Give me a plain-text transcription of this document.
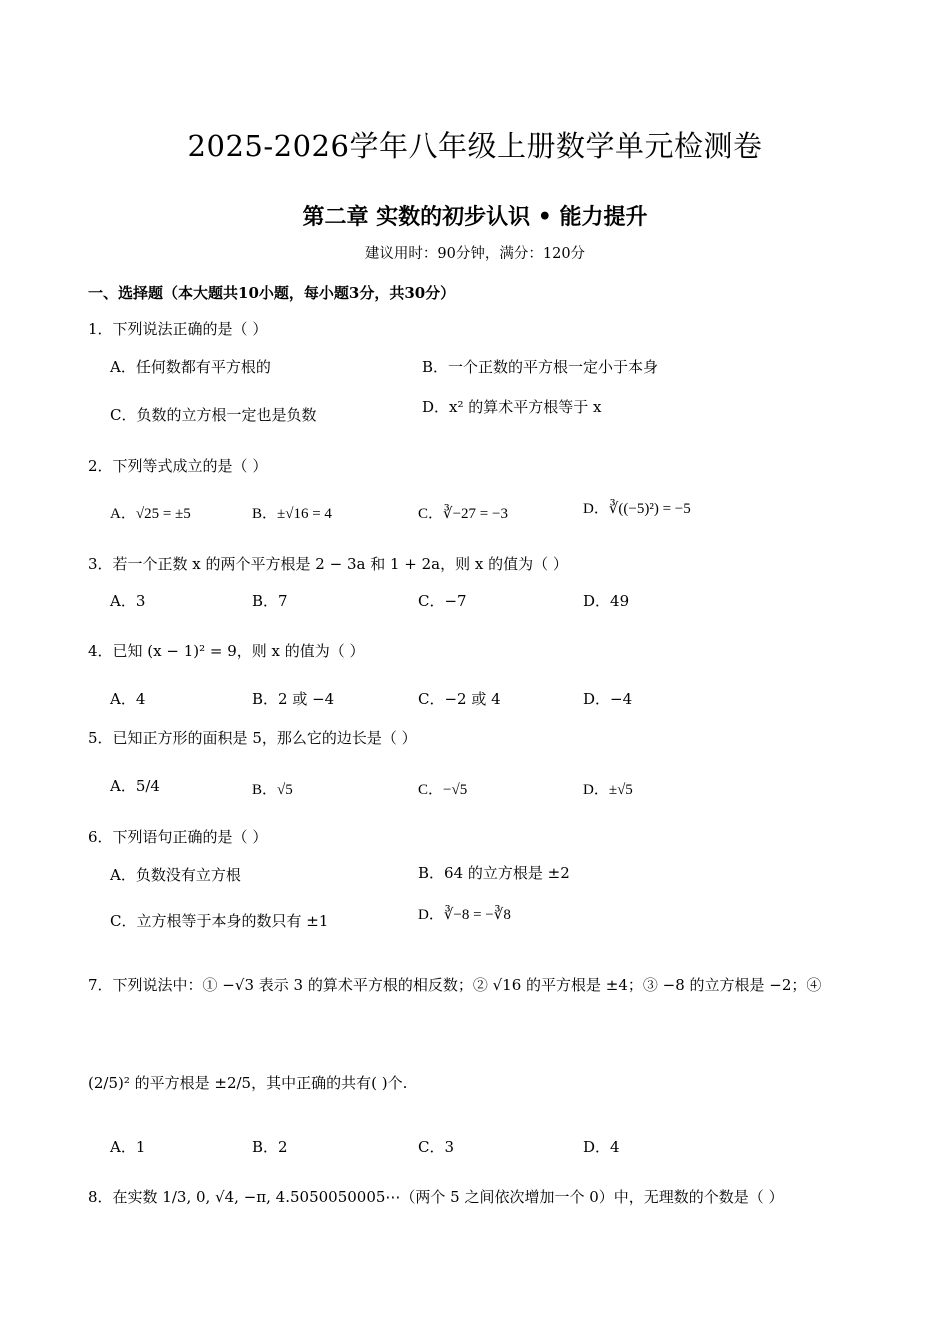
2025-2026学年八年级上册数学单元检测卷
第二章 实数的初步认识 • 能力提升
建议用时：90分钟，满分：120分
一、选择题（本大题共10小题，每小题3分，共30分）
1．下列说法正确的是（ ）
A．任何数都有平方根的	B．一个正数的平方根一定小于本身
C．负数的立方根一定也是负数	D．x² 的算术平方根等于 x
2．下列等式成立的是（ ）
A．√25 = ±5	B．±√16 = 4	C．∛−27 = −3	D．∛((−5)²) = −5
3．若一个正数 x 的两个平方根是 2 − 3a 和 1 + 2a，则 x 的值为（ ）
A．3	B．7	C．−7	D．49
4．已知 (x − 1)² = 9，则 x 的值为（ ）
A．4	B．2 或 −4	C．−2 或 4	D．−4
5．已知正方形的面积是 5，那么它的边长是（ ）
A．5/4	B．√5	C．−√5	D．±√5
6．下列语句正确的是（ ）
A．负数没有立方根	B．64 的立方根是 ±2
C．立方根等于本身的数只有 ±1	D．∛−8 = −∛8
7．下列说法中：① −√3 表示 3 的算术平方根的相反数；② √16 的平方根是 ±4；③ −8 的立方根是 −2；④
(2/5)² 的平方根是 ±2/5，其中正确的共有( )个.
A．1	B．2	C．3	D．4
8．在实数 1/3, 0, √4, −π, 4.5050050005⋯（两个 5 之间依次增加一个 0）中，无理数的个数是（ ）
